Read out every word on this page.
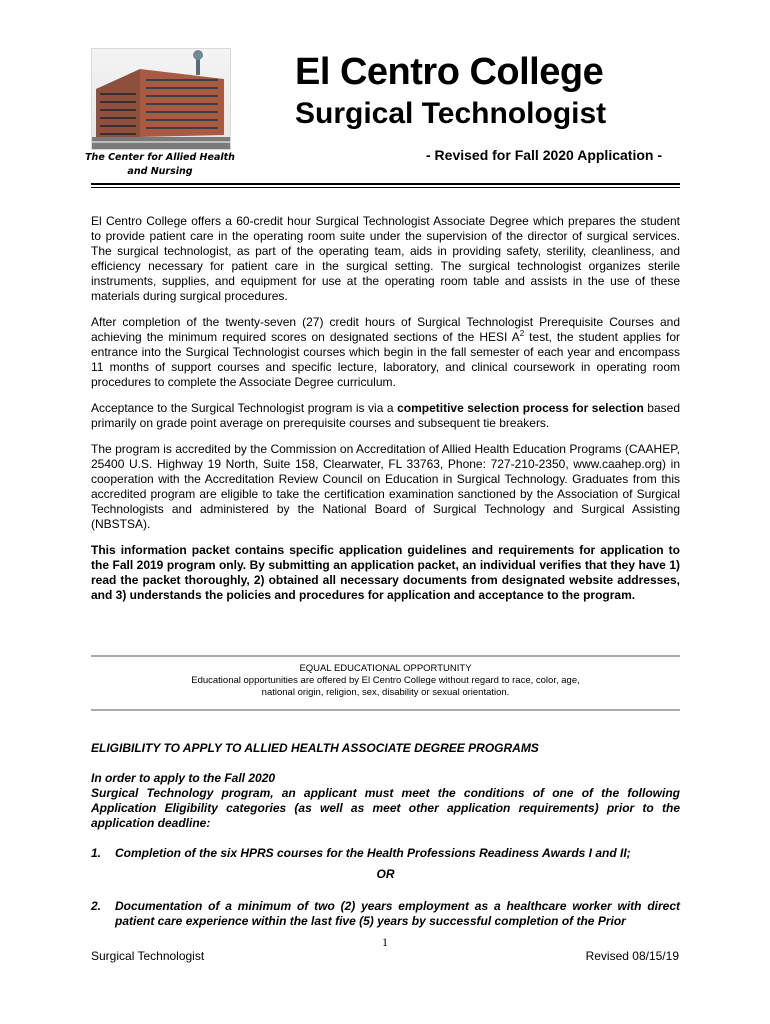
The Center for Allied Health
and Nursing
El Centro College
Surgical Technologist
- Revised for Fall 2020 Application -

El Centro College offers a 60-credit hour Surgical Technologist Associate Degree which prepares the student to provide patient care in the operating room suite under the supervision of the director of surgical services. The surgical technologist, as part of the operating team, aids in providing safety, sterility, cleanliness, and efficiency necessary for patient care in the surgical setting. The surgical technologist organizes sterile instruments, supplies, and equipment for use at the operating room table and assists in the use of these materials during surgical procedures.

After completion of the twenty-seven (27) credit hours of Surgical Technologist Prerequisite Courses and achieving the minimum required scores on designated sections of the HESI $A^2$ test, the student applies for entrance into the Surgical Technologist courses which begin in the fall semester of each year and encompass 11 months of support courses and specific lecture, laboratory, and clinical coursework in operating room procedures to complete the Associate Degree curriculum.

Acceptance to the Surgical Technologist program is via a competitive selection process for selection based primarily on grade point average on prerequisite courses and subsequent tie breakers.

The program is accredited by the Commission on Accreditation of Allied Health Education Programs (CAAHEP, 25400 U.S. Highway 19 North, Suite 158, Clearwater, FL 33763, Phone: 727-210-2350, www.caahep.org) in cooperation with the Accreditation Review Council on Education in Surgical Technology. Graduates from this accredited program are eligible to take the certification examination sanctioned by the Association of Surgical Technologists and administered by the National Board of Surgical Technology and Surgical Assisting (NBSTSA).

This information packet contains specific application guidelines and requirements for application to the Fall 2019 program only. By submitting an application packet, an individual verifies that they have 1) read the packet thoroughly, 2) obtained all necessary documents from designated website addresses, and 3) understands the policies and procedures for application and acceptance to the program.

EQUAL EDUCATIONAL OPPORTUNITY
Educational opportunities are offered by El Centro College without regard to race, color, age,
national origin, religion, sex, disability or sexual orientation.

ELIGIBILITY TO APPLY TO ALLIED HEALTH ASSOCIATE DEGREE PROGRAMS

In order to apply to the Fall 2020
Surgical Technology program, an applicant must meet the conditions of one of the following Application Eligibility categories (as well as meet other application requirements) prior to the application deadline:

1. Completion of the six HPRS courses for the Health Professions Readiness Awards I and II;

OR

2. Documentation of a minimum of two (2) years employment as a healthcare worker with direct patient care experience within the last five (5) years by successful completion of the Prior

1
Surgical Technologist	Revised 08/15/19
